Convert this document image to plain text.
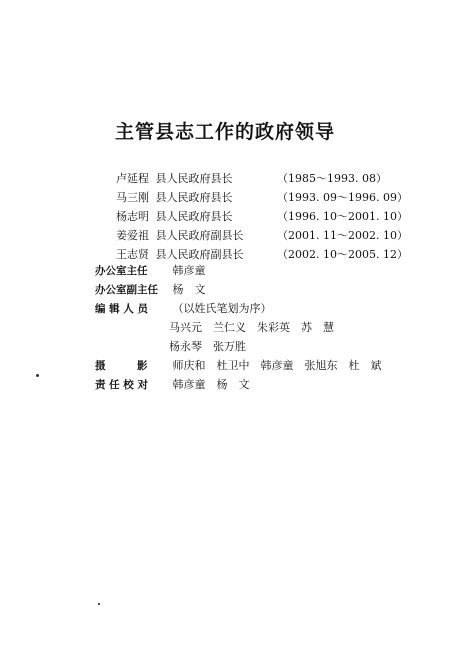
主管县志工作的政府领导
卢延程 县人民政府县长	（1985～1993. 08）
马三刚 县人民政府县长	（1993. 09～1996. 09）
杨志明 县人民政府县长	（1996. 10～2001. 10）
姜爱祖 县人民政府副县长	（2001. 11～2002. 10）
王志贤 县人民政府副县长	（2002. 10～2005. 12）
办公室主任 韩彦童
办公室副主任 杨　文
编 辑 人 员 （以姓氏笔划为序）
马兴元　兰仁义　朱彩英　苏　慧
杨永琴　张万胜
摄　　　影 师庆和　杜卫中　韩彦童　张旭东　杜　斌
责 任 校 对 韩彦童　杨　文
